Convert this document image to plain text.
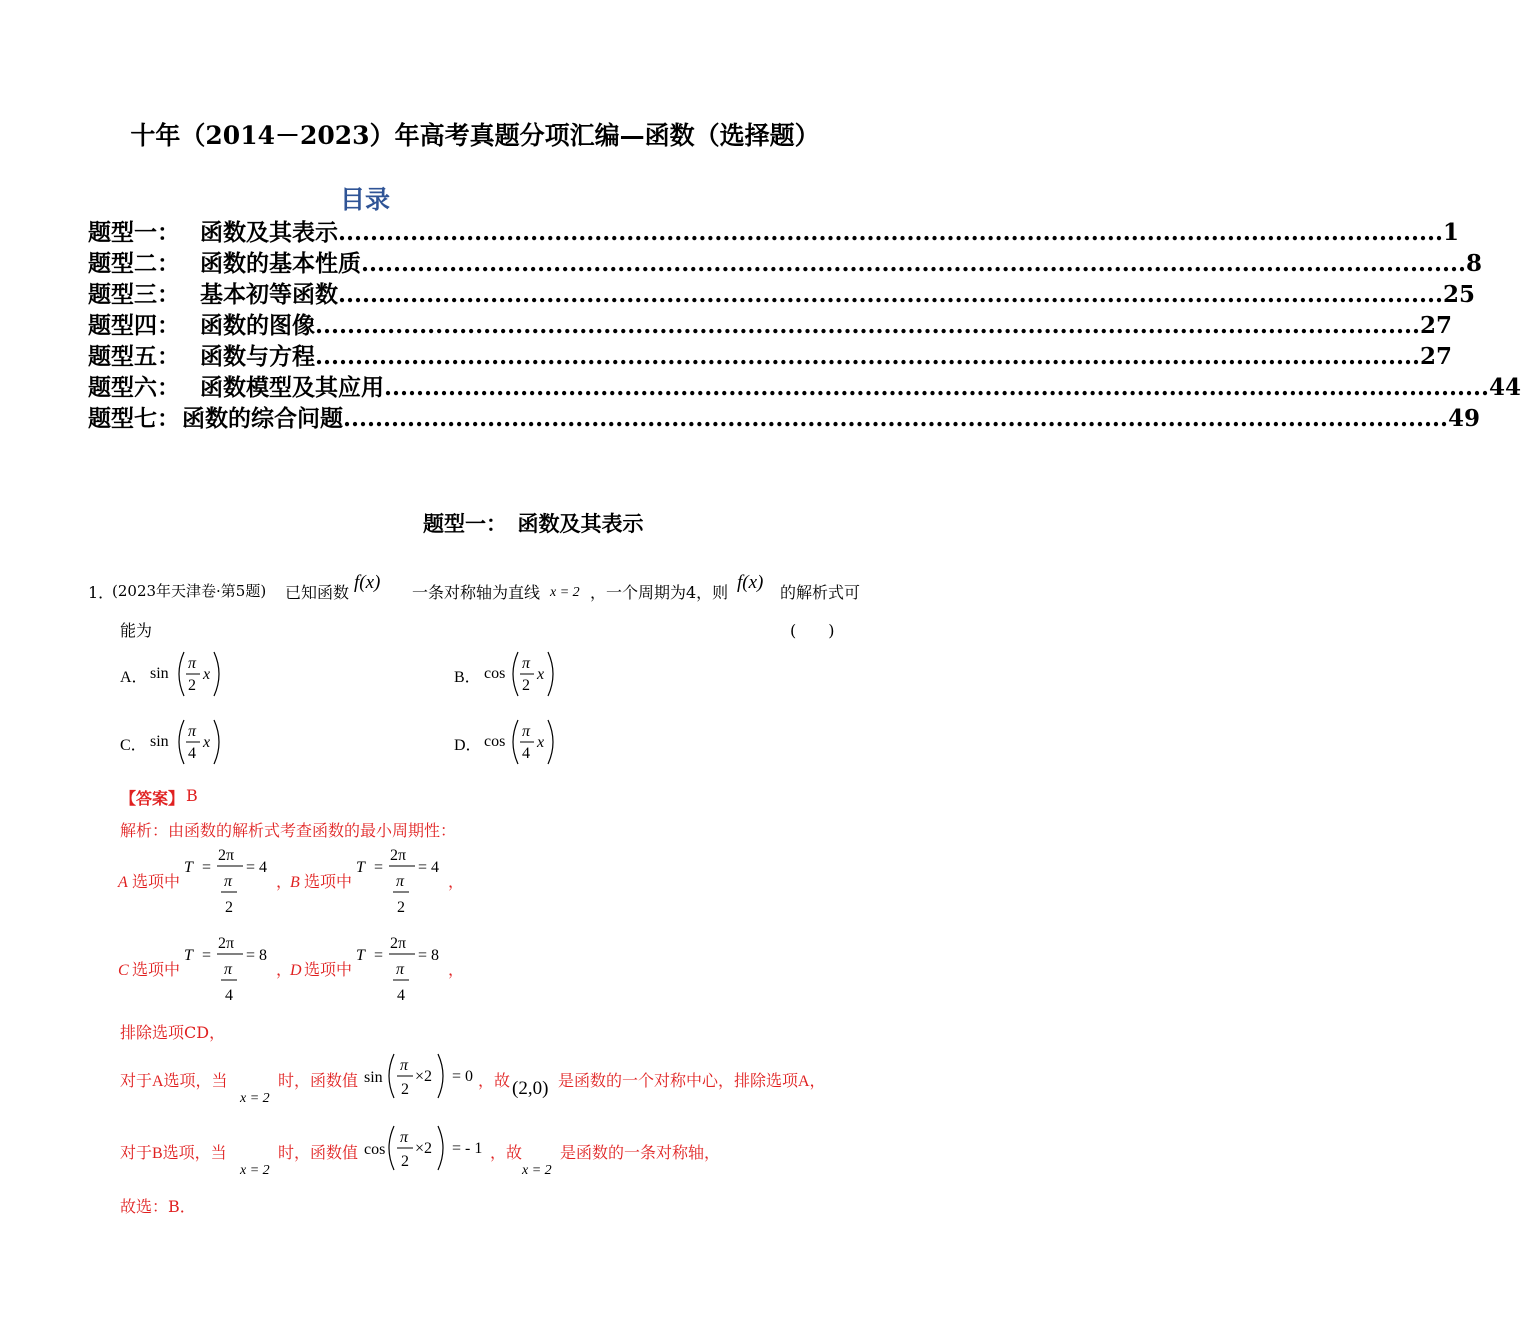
十年（2014－2023）年高考真题分项汇编—函数（选择题）
目录
题型一： 函数及其表示 .......................................................................................................................................... 1
题型二： 函数的基本性质 .......................................................................................................................................... 8
题型三： 基本初等函数 .......................................................................................................................................... 25
题型四： 函数的图像 .......................................................................................................................................... 27
题型五： 函数与方程 .......................................................................................................................................... 27
题型六： 函数模型及其应用 .......................................................................................................................................... 44
题型七： 函数的综合问题 .......................................................................................................................................... 49
题型一：　函数及其表示
1．
(2023年天津卷·第5题) 已知函数 f(x) 一条对称轴为直线 x = 2 ，一个周期为4，则 f(x) 的解析式可
能为	(　　)
A． sin
π
2
x	B． cos
π
2
x
C． sin
π
4
x	D． cos
π
4
x
【答案】 B
解析：由函数的解析式考查函数的最小周期性：
A 选项中
T =
2π
π
2
= 4
，
B 选项中
T =
2π
π
2
= 4
，
C 选项中
T =
2π
π
4
= 8
，
D 选项中
T =
2π
π
4
= 8
，
排除选项CD，
对于A选项，当
x = 2
时，函数值 sin
π
2
×2 = 0 ，故 (2,0) 是函数的一个对称中心，排除选项A，
对于B选项，当
x = 2
时，函数值 cos
π
2
×2 = - 1 ，故
x = 2
是函数的一条对称轴，
故选：B．
